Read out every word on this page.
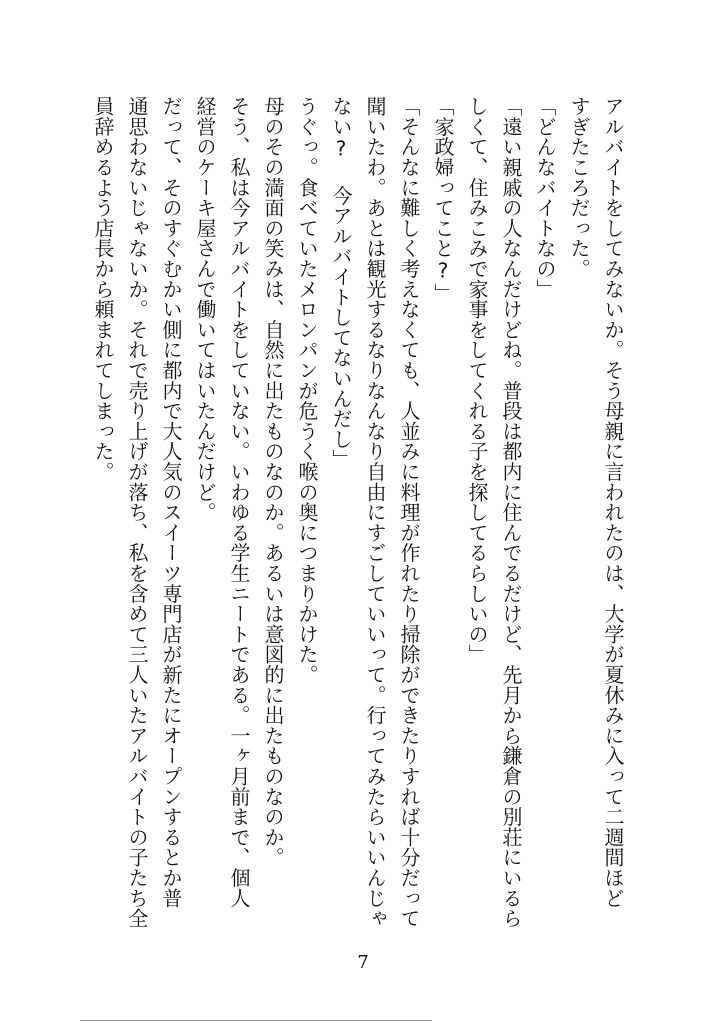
アルバイトをしてみないか。そう母親に言われたのは、大学が夏休みに入って二週間ほど
すぎたころだった。
「どんなバイトなの」
「遠い親戚の人なんだけどね。普段は都内に住んでるだけど、先月から鎌倉の別荘にいるら
しくて、住みこみで家事をしてくれる子を探してるらしいの」
「家政婦ってこと?」
「そんなに難しく考えなくても、人並みに料理が作れたり掃除ができたりすれば十分だって
聞いたわ。あとは観光するなりなんなり自由にすごしていいって。行ってみたらいいんじゃ
ない? 今アルバイトしてないんだし」
うぐっ。食べていたメロンパンが危うく喉の奥につまりかけた。
母のその満面の笑みは、自然に出たものなのか。あるいは意図的に出たものなのか。
そう、私は今アルバイトをしていない。いわゆる学生ニートである。一ヶ月前まで、個人
経営のケーキ屋さんで働いてはいたんだけど。
だって、そのすぐむかい側に都内で大人気のスイーツ専門店が新たにオープンするとか普
通思わないじゃないか。それで売り上げが落ち、私を含めて三人いたアルバイトの子たち全
員辞めるよう店長から頼まれてしまった。
7
